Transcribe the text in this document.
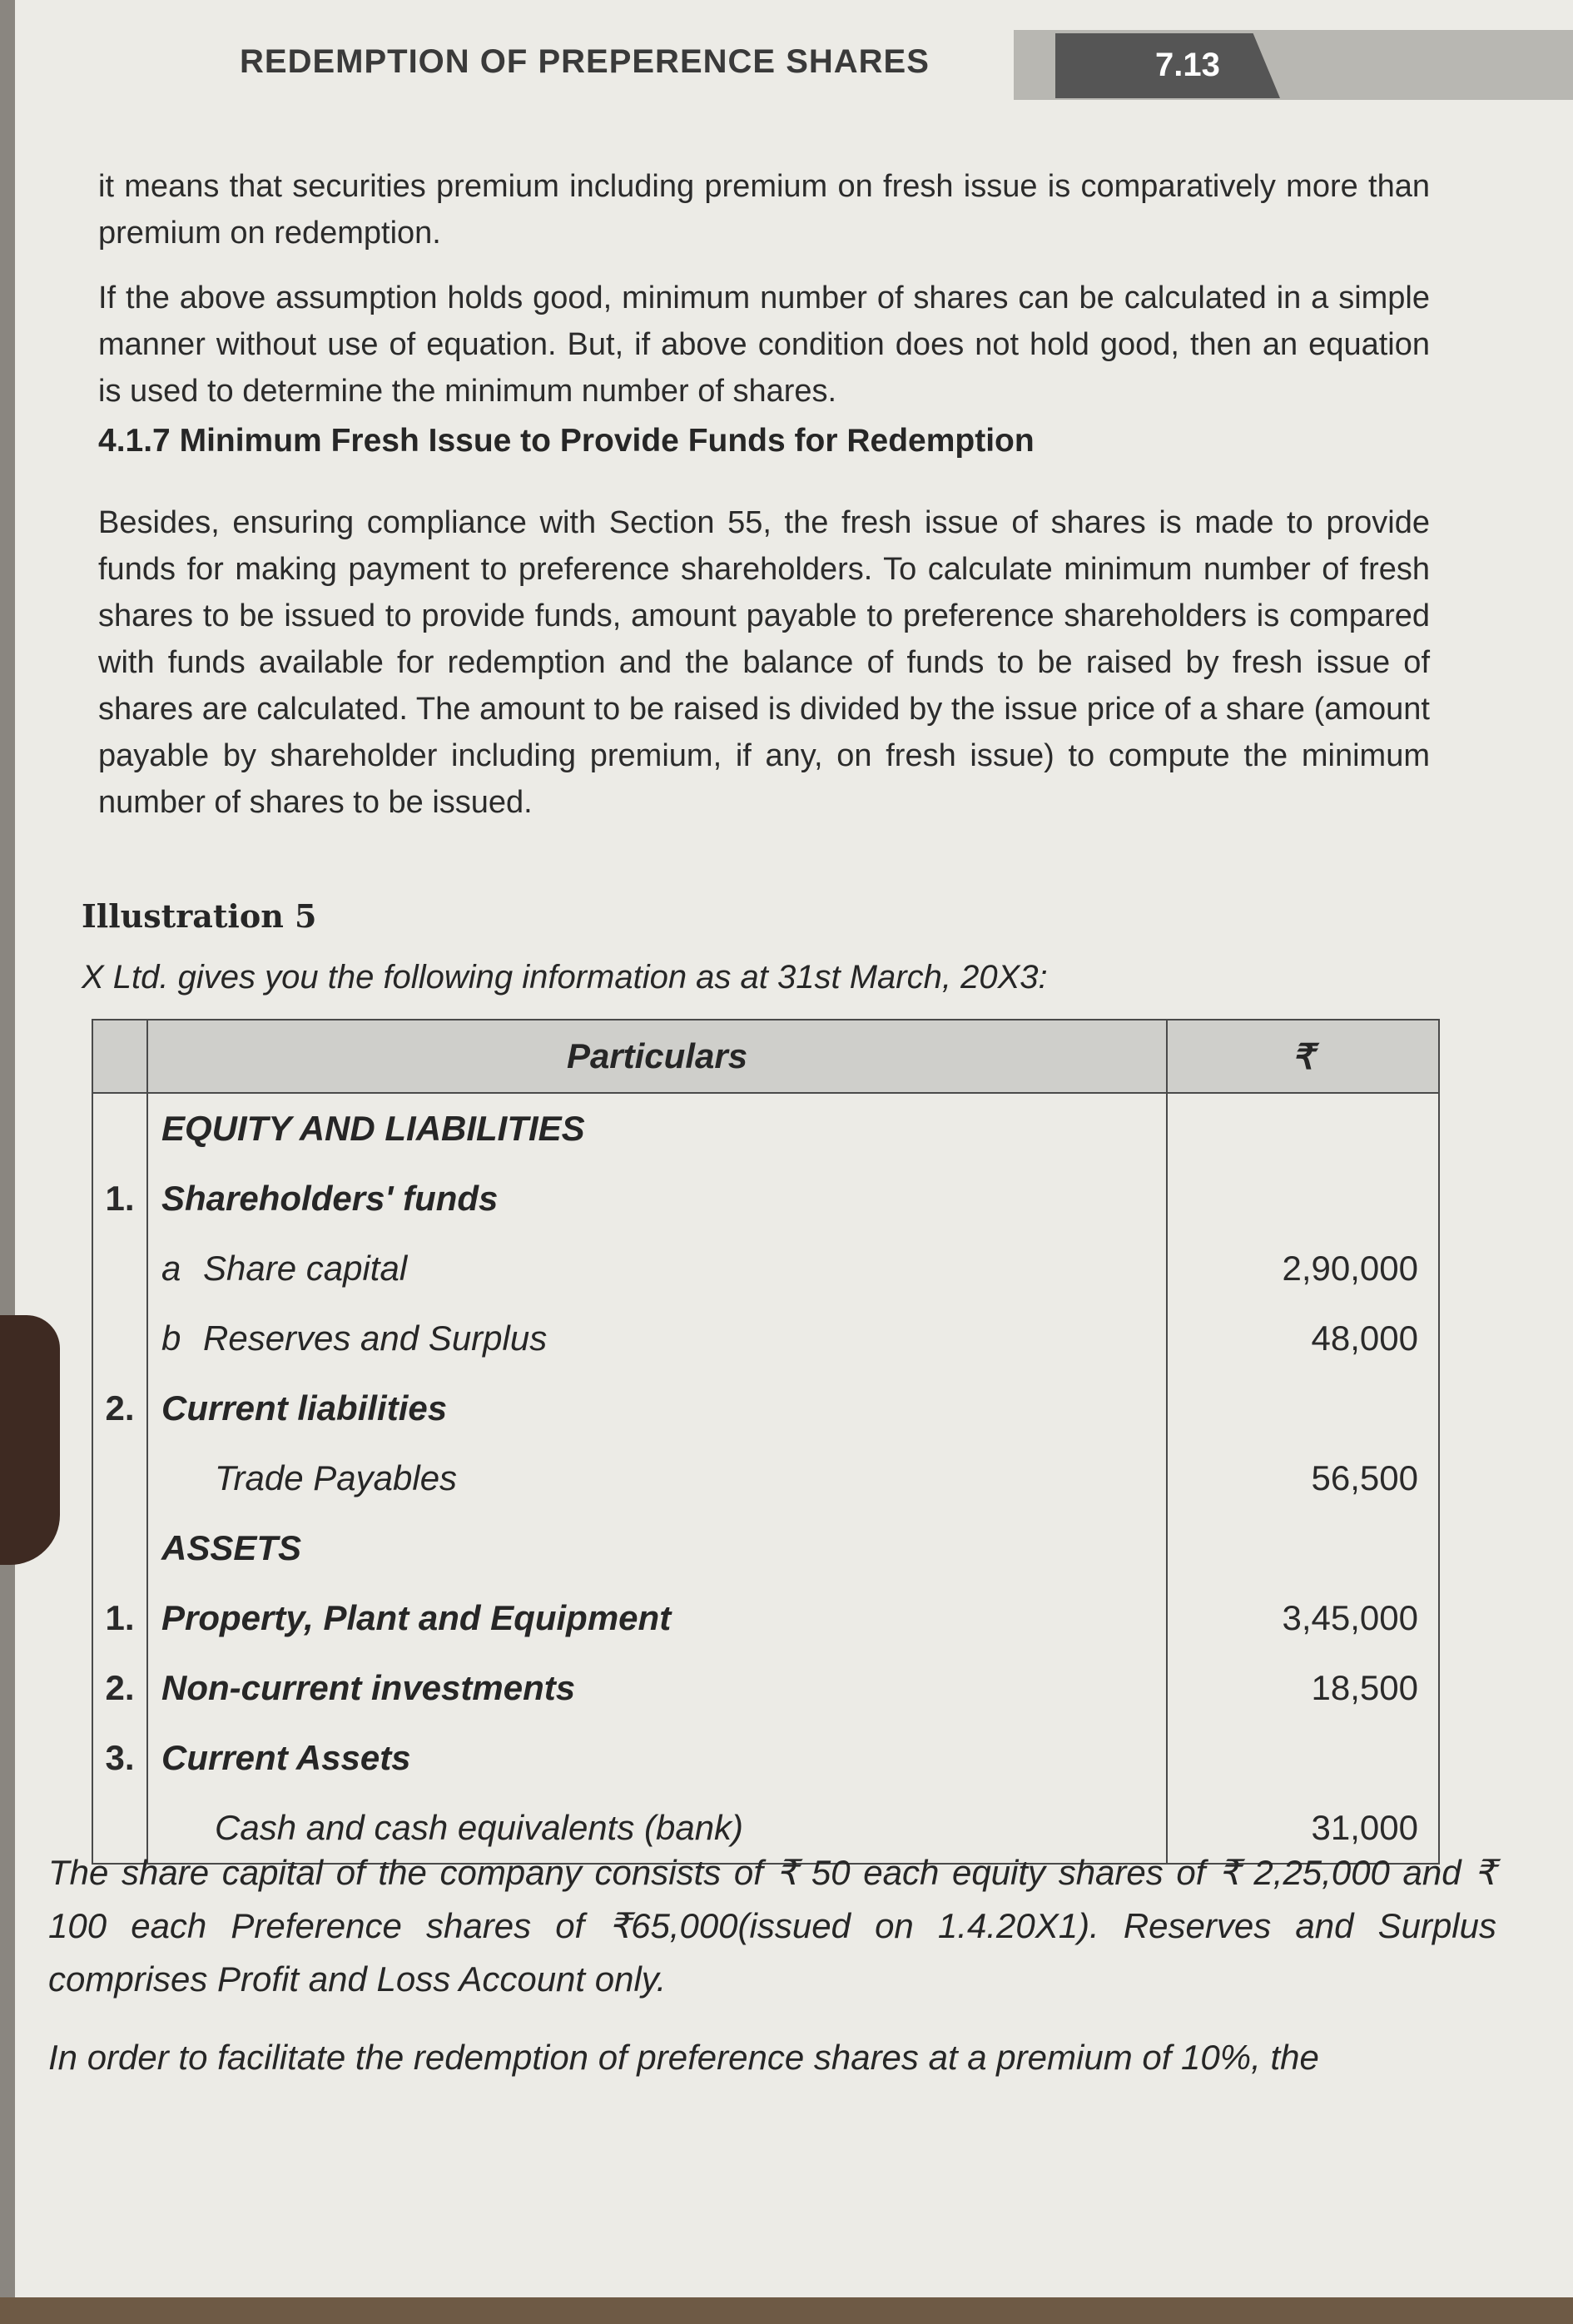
REDEMPTION OF PREPERENCE SHARES	7.13

it means that securities premium including premium on fresh issue is comparatively more than premium on redemption.

If the above assumption holds good, minimum number of shares can be calculated in a simple manner without use of equation. But, if above condition does not hold good, then an equation is used to determine the minimum number of shares.

4.1.7 Minimum Fresh Issue to Provide Funds for Redemption

Besides, ensuring compliance with Section 55, the fresh issue of shares is made to provide funds for making payment to preference shareholders. To calculate minimum number of fresh shares to be issued to provide funds, amount payable to preference shareholders is compared with funds available for redemption and the balance of funds to be raised by fresh issue of shares are calculated. The amount to be raised is divided by the issue price of a share (amount payable by shareholder including premium, if any, on fresh issue) to compute the minimum number of shares to be issued.

Illustration 5
X Ltd. gives you the following information as at 31st March, 20X3:
	Particulars	₹
	EQUITY AND LIABILITIES	
1.	Shareholders' funds	
	a Share capital	2,90,000
	b Reserves and Surplus	48,000
2.	Current liabilities	
	Trade Payables	56,500
	ASSETS	
1.	Property, Plant and Equipment	3,45,000
2.	Non-current investments	18,500
3.	Current Assets	
	Cash and cash equivalents (bank)	31,000

The share capital of the company consists of ₹ 50 each equity shares of ₹ 2,25,000 and ₹ 100 each Preference shares of ₹65,000(issued on 1.4.20X1). Reserves and Surplus comprises Profit and Loss Account only.

In order to facilitate the redemption of preference shares at a premium of 10%, the
